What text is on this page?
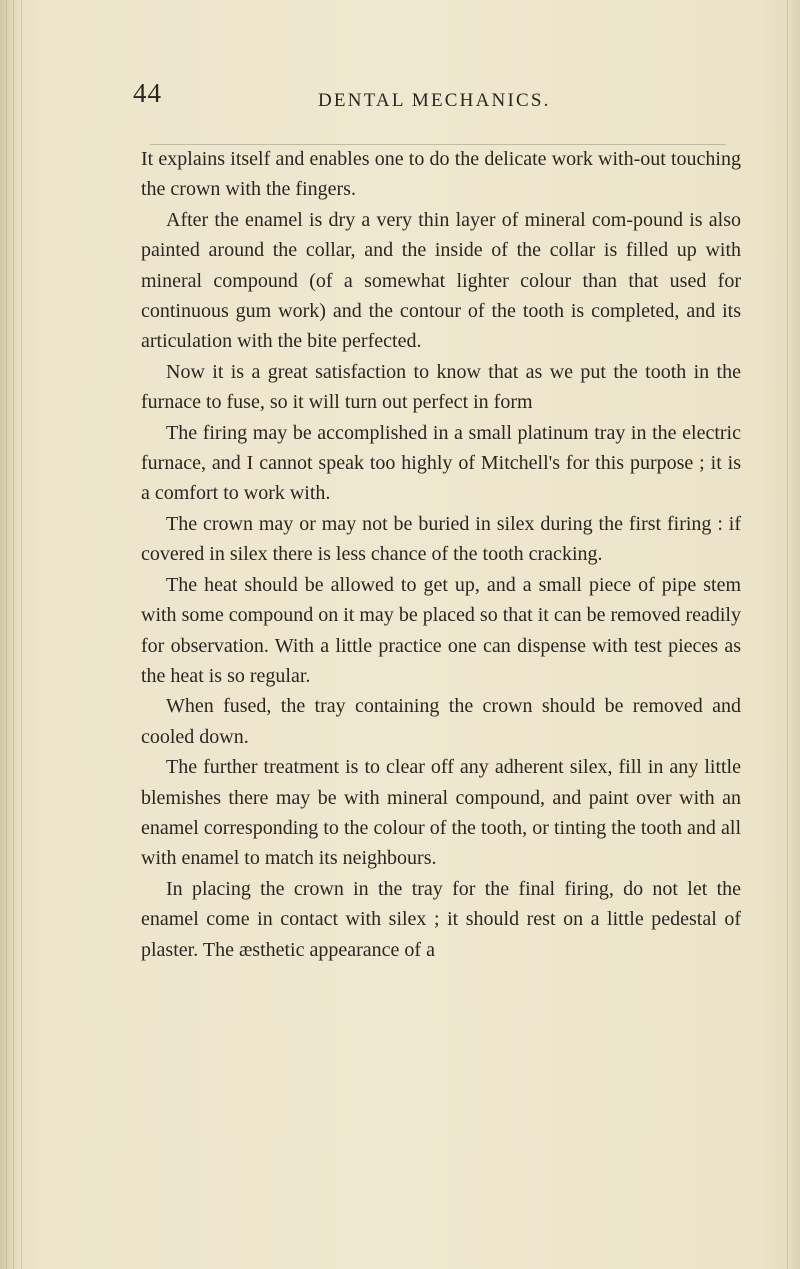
44	DENTAL MECHANICS.

It explains itself and enables one to do the delicate work with-out touching the crown with the fingers.

After the enamel is dry a very thin layer of mineral com-pound is also painted around the collar, and the inside of the collar is filled up with mineral compound (of a somewhat lighter colour than that used for continuous gum work) and the contour of the tooth is completed, and its articulation with the bite perfected.

Now it is a great satisfaction to know that as we put the tooth in the furnace to fuse, so it will turn out perfect in form

The firing may be accomplished in a small platinum tray in the electric furnace, and I cannot speak too highly of Mitchell's for this purpose ; it is a comfort to work with.

The crown may or may not be buried in silex during the first firing : if covered in silex there is less chance of the tooth cracking.

The heat should be allowed to get up, and a small piece of pipe stem with some compound on it may be placed so that it can be removed readily for observation. With a little practice one can dispense with test pieces as the heat is so regular.

When fused, the tray containing the crown should be removed and cooled down.

The further treatment is to clear off any adherent silex, fill in any little blemishes there may be with mineral compound, and paint over with an enamel corresponding to the colour of the tooth, or tinting the tooth and all with enamel to match its neighbours.

In placing the crown in the tray for the final firing, do not let the enamel come in contact with silex ; it should rest on a little pedestal of plaster. The æsthetic appearance of a
